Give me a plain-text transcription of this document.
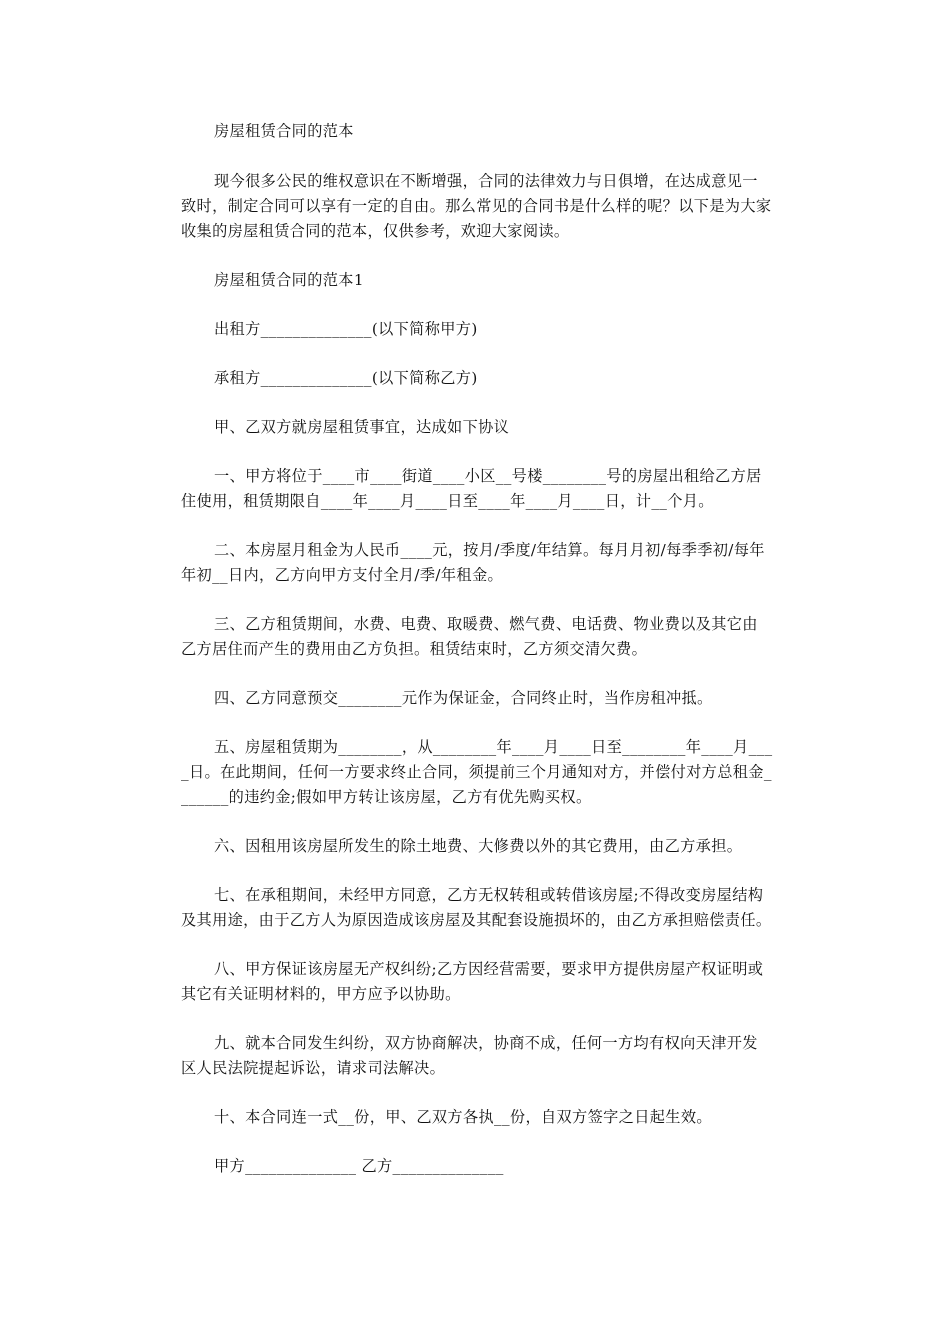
房屋租赁合同的范本

现今很多公民的维权意识在不断增强，合同的法律效力与日俱增，在达成意见一致时，制定合同可以享有一定的自由。那么常见的合同书是什么样的呢？以下是为大家收集的房屋租赁合同的范本，仅供参考，欢迎大家阅读。

房屋租赁合同的范本1

出租方______________(以下简称甲方)

承租方______________(以下简称乙方)

甲、乙双方就房屋租赁事宜，达成如下协议

一、甲方将位于____市____街道____小区__号楼________号的房屋出租给乙方居住使用，租赁期限自____年____月____日至____年____月____日，计__个月。

二、本房屋月租金为人民币____元，按月/季度/年结算。每月月初/每季季初/每年年初__日内，乙方向甲方支付全月/季/年租金。

三、乙方租赁期间，水费、电费、取暖费、燃气费、电话费、物业费以及其它由乙方居住而产生的费用由乙方负担。租赁结束时，乙方须交清欠费。

四、乙方同意预交________元作为保证金，合同终止时，当作房租冲抵。

五、房屋租赁期为________，从________年____月____日至________年____月____日。在此期间，任何一方要求终止合同，须提前三个月通知对方，并偿付对方总租金_______的违约金;假如甲方转让该房屋，乙方有优先购买权。

六、因租用该房屋所发生的除土地费、大修费以外的其它费用，由乙方承担。

七、在承租期间，未经甲方同意，乙方无权转租或转借该房屋;不得改变房屋结构及其用途，由于乙方人为原因造成该房屋及其配套设施损坏的，由乙方承担赔偿责任。

八、甲方保证该房屋无产权纠纷;乙方因经营需要，要求甲方提供房屋产权证明或其它有关证明材料的，甲方应予以协助。

九、就本合同发生纠纷，双方协商解决，协商不成，任何一方均有权向天津开发区人民法院提起诉讼，请求司法解决。

十、本合同连一式__份，甲、乙双方各执__份，自双方签字之日起生效。

甲方______________ 乙方______________
